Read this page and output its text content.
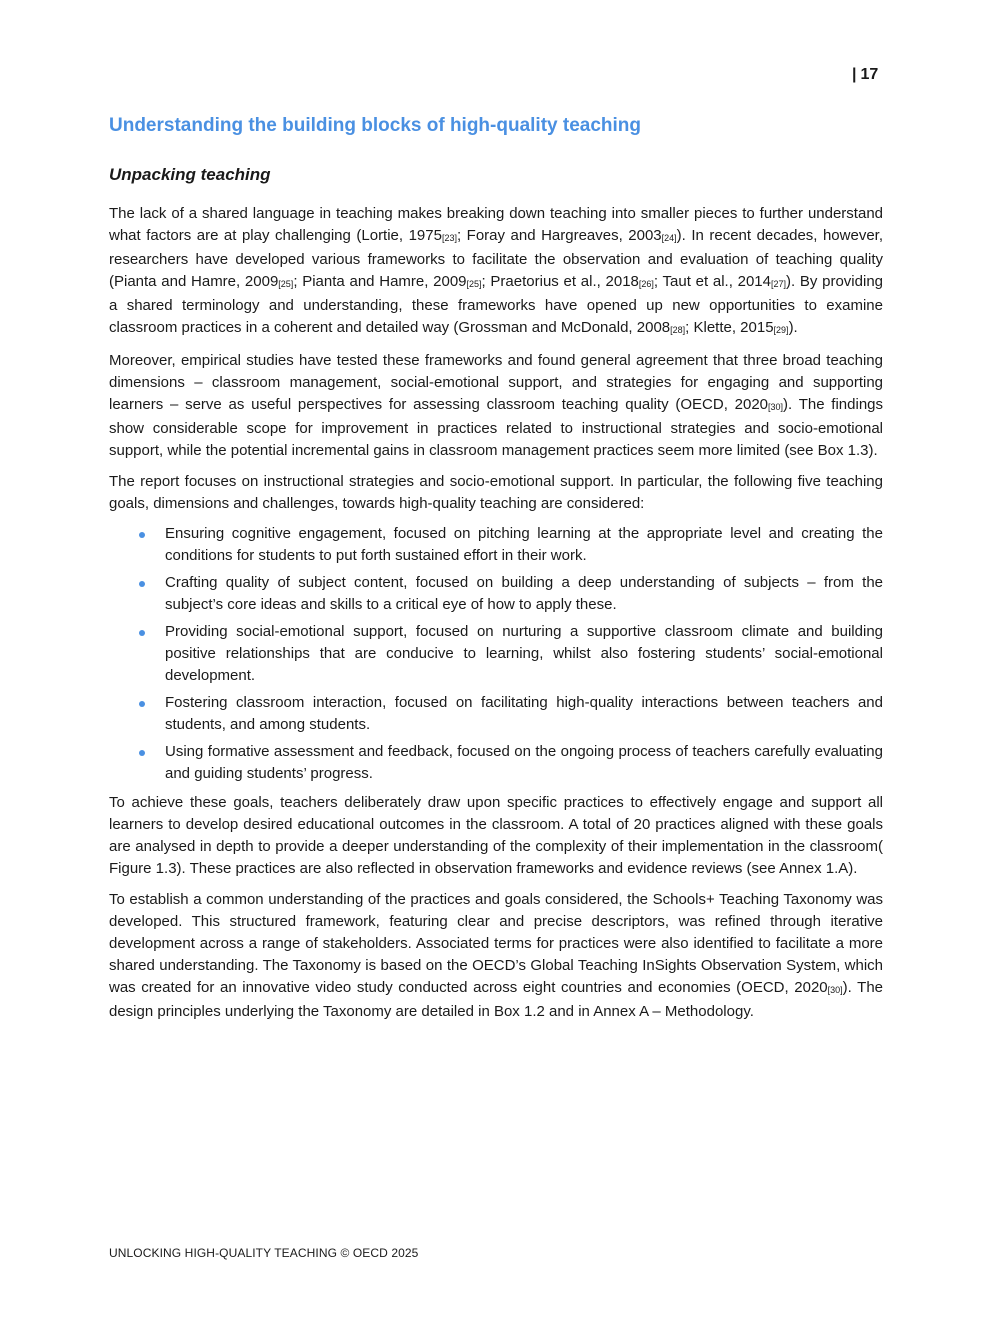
| 17
Understanding the building blocks of high-quality teaching
Unpacking teaching

The lack of a shared language in teaching makes breaking down teaching into smaller pieces to further understand what factors are at play challenging (Lortie, 1975[23]; Foray and Hargreaves, 2003[24]). In recent decades, however, researchers have developed various frameworks to facilitate the observation and evaluation of teaching quality (Pianta and Hamre, 2009[25]; Pianta and Hamre, 2009[25]; Praetorius et al., 2018[26]; Taut et al., 2014[27]). By providing a shared terminology and understanding, these frameworks have opened up new opportunities to examine classroom practices in a coherent and detailed way (Grossman and McDonald, 2008[28]; Klette, 2015[29]).

Moreover, empirical studies have tested these frameworks and found general agreement that three broad teaching dimensions – classroom management, social-emotional support, and strategies for engaging and supporting learners – serve as useful perspectives for assessing classroom teaching quality (OECD, 2020[30]). The findings show considerable scope for improvement in practices related to instructional strategies and socio-emotional support, while the potential incremental gains in classroom management practices seem more limited (see Box 1.3).

The report focuses on instructional strategies and socio-emotional support. In particular, the following five teaching goals, dimensions and challenges, towards high-quality teaching are considered:

Ensuring cognitive engagement, focused on pitching learning at the appropriate level and creating the conditions for students to put forth sustained effort in their work.
Crafting quality of subject content, focused on building a deep understanding of subjects – from the subject’s core ideas and skills to a critical eye of how to apply these.
Providing social-emotional support, focused on nurturing a supportive classroom climate and building positive relationships that are conducive to learning, whilst also fostering students’ social-emotional development.
Fostering classroom interaction, focused on facilitating high-quality interactions between teachers and students, and among students.
Using formative assessment and feedback, focused on the ongoing process of teachers carefully evaluating and guiding students’ progress.

To achieve these goals, teachers deliberately draw upon specific practices to effectively engage and support all learners to develop desired educational outcomes in the classroom. A total of 20 practices aligned with these goals are analysed in depth to provide a deeper understanding of the complexity of their implementation in the classroom( Figure 1.3). These practices are also reflected in observation frameworks and evidence reviews (see Annex 1.A).

To establish a common understanding of the practices and goals considered, the Schools+ Teaching Taxonomy was developed. This structured framework, featuring clear and precise descriptors, was refined through iterative development across a range of stakeholders. Associated terms for practices were also identified to facilitate a more shared understanding. The Taxonomy is based on the OECD’s Global Teaching InSights Observation System, which was created for an innovative video study conducted across eight countries and economies (OECD, 2020[30]). The design principles underlying the Taxonomy are detailed in Box 1.2 and in Annex A – Methodology.

UNLOCKING HIGH-QUALITY TEACHING © OECD 2025
